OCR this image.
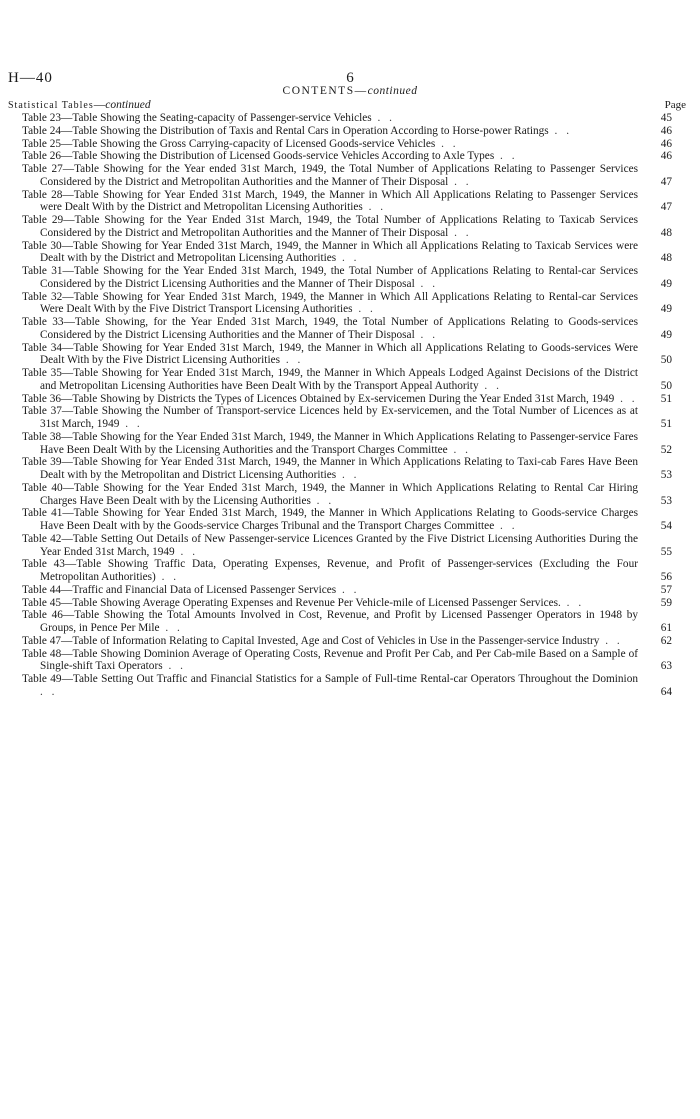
H—40	6
CONTENTS—continued
Statistical Tables—continued	Page
Table 23—Table Showing the Seating-capacity of Passenger-service Vehicles . .	45
Table 24—Table Showing the Distribution of Taxis and Rental Cars in Operation According to Horse-power Ratings . .	46
Table 25—Table Showing the Gross Carrying-capacity of Licensed Goods-service Vehicles . .	46
Table 26—Table Showing the Distribution of Licensed Goods-service Vehicles According to Axle Types . .	46
Table 27—Table Showing for the Year ended 31st March, 1949, the Total Number of Applications Relating to Passenger Services Considered by the District and Metropolitan Authorities and the Manner of Their Disposal . .	47
Table 28—Table Showing for Year Ended 31st March, 1949, the Manner in Which All Applications Relating to Passenger Services were Dealt With by the District and Metropolitan Licensing Authorities . .	47
Table 29—Table Showing for the Year Ended 31st March, 1949, the Total Number of Applications Relating to Taxicab Services Considered by the District and Metropolitan Authorities and the Manner of Their Disposal . .	48
Table 30—Table Showing for Year Ended 31st March, 1949, the Manner in Which all Applications Relating to Taxicab Services were Dealt with by the District and Metropolitan Licensing Authorities . .	48
Table 31—Table Showing for the Year Ended 31st March, 1949, the Total Number of Applications Relating to Rental-car Services Considered by the District Licensing Authorities and the Manner of Their Disposal . .	49
Table 32—Table Showing for Year Ended 31st March, 1949, the Manner in Which All Applications Relating to Rental-car Services Were Dealt With by the Five District Transport Licensing Authorities . .	49
Table 33—Table Showing, for the Year Ended 31st March, 1949, the Total Number of Applications Relating to Goods-services Considered by the District Licensing Authorities and the Manner of Their Disposal . .	49
Table 34—Table Showing for Year Ended 31st March, 1949, the Manner in Which all Applications Relating to Goods-services Were Dealt With by the Five District Licensing Authorities . .	50
Table 35—Table Showing for Year Ended 31st March, 1949, the Manner in Which Appeals Lodged Against Decisions of the District and Metropolitan Licensing Authorities have Been Dealt With by the Transport Appeal Authority . .	50
Table 36—Table Showing by Districts the Types of Licences Obtained by Ex-servicemen During the Year Ended 31st March, 1949 . .	51
Table 37—Table Showing the Number of Transport-service Licences held by Ex-servicemen, and the Total Number of Licences as at 31st March, 1949 . .	51
Table 38—Table Showing for the Year Ended 31st March, 1949, the Manner in Which Applications Relating to Passenger-service Fares Have Been Dealt With by the Licensing Authorities and the Transport Charges Committee . .	52
Table 39—Table Showing for Year Ended 31st March, 1949, the Manner in Which Applications Relating to Taxi-cab Fares Have Been Dealt with by the Metropolitan and District Licensing Authorities . .	53
Table 40—Table Showing for the Year Ended 31st March, 1949, the Manner in Which Applications Relating to Rental Car Hiring Charges Have Been Dealt with by the Licensing Authorities . .	53
Table 41—Table Showing for Year Ended 31st March, 1949, the Manner in Which Applications Relating to Goods-service Charges Have Been Dealt with by the Goods-service Charges Tribunal and the Transport Charges Committee . .	54
Table 42—Table Setting Out Details of New Passenger-service Licences Granted by the Five District Licensing Authorities During the Year Ended 31st March, 1949 . .	55
Table 43—Table Showing Traffic Data, Operating Expenses, Revenue, and Profit of Passenger-services (Excluding the Four Metropolitan Authorities) . .	56
Table 44—Traffic and Financial Data of Licensed Passenger Services . .	57
Table 45—Table Showing Average Operating Expenses and Revenue Per Vehicle-mile of Licensed Passenger Services. . .	59
Table 46—Table Showing the Total Amounts Involved in Cost, Revenue, and Profit by Licensed Passenger Operators in 1948 by Groups, in Pence Per Mile . .	61
Table 47—Table of Information Relating to Capital Invested, Age and Cost of Vehicles in Use in the Passenger-service Industry . .	62
Table 48—Table Showing Dominion Average of Operating Costs, Revenue and Profit Per Cab, and Per Cab-mile Based on a Sample of Single-shift Taxi Operators . .	63
Table 49—Table Setting Out Traffic and Financial Statistics for a Sample of Full-time Rental-car Operators Throughout the Dominion . .	64
